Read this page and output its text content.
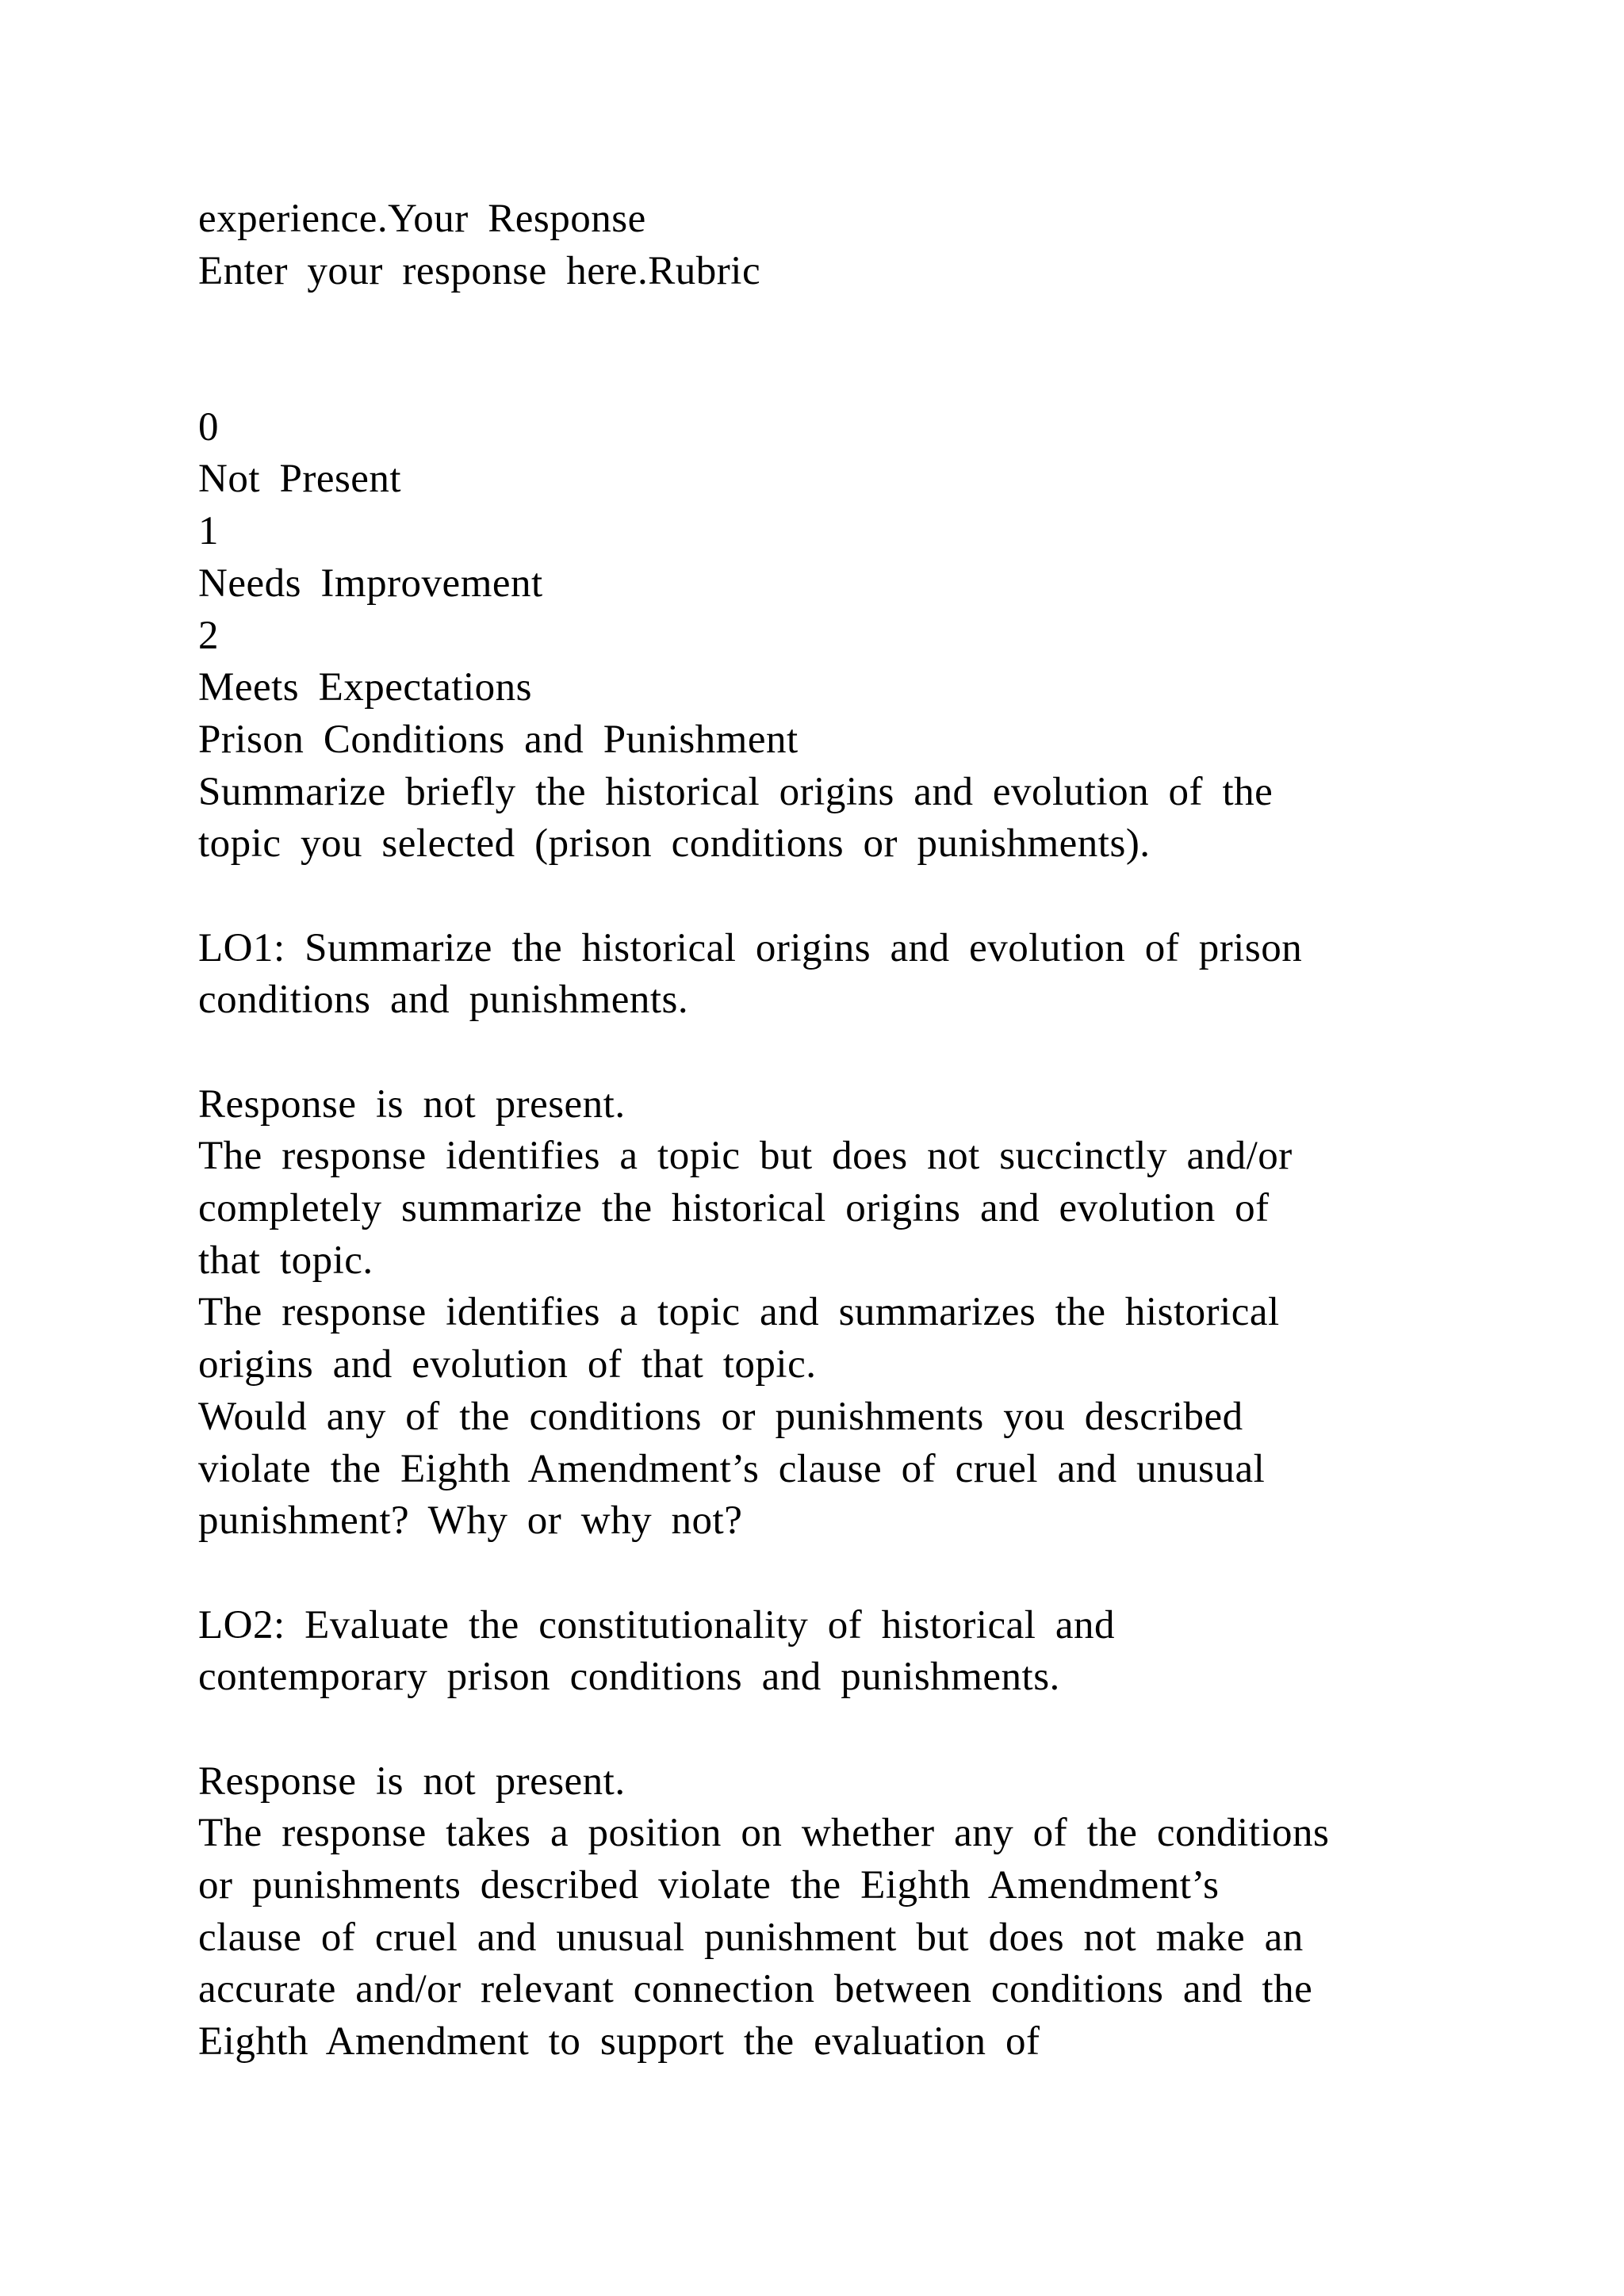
experience.Your Response
Enter your response here.Rubric
0
Not Present
1
Needs Improvement
2
Meets Expectations
Prison Conditions and Punishment
Summarize briefly the historical origins and evolution of the
topic you selected (prison conditions or punishments).
LO1: Summarize the historical origins and evolution of prison
conditions and punishments.
Response is not present.
The response identifies a topic but does not succinctly and/or
completely summarize the historical origins and evolution of
that topic.
The response identifies a topic and summarizes the historical
origins and evolution of that topic.
Would any of the conditions or punishments you described
violate the Eighth Amendment’s clause of cruel and unusual
punishment? Why or why not?
LO2: Evaluate the constitutionality of historical and
contemporary prison conditions and punishments.
Response is not present.
The response takes a position on whether any of the conditions
or punishments described violate the Eighth Amendment’s
clause of cruel and unusual punishment but does not make an
accurate and/or relevant connection between conditions and the
Eighth Amendment to support the evaluation of
